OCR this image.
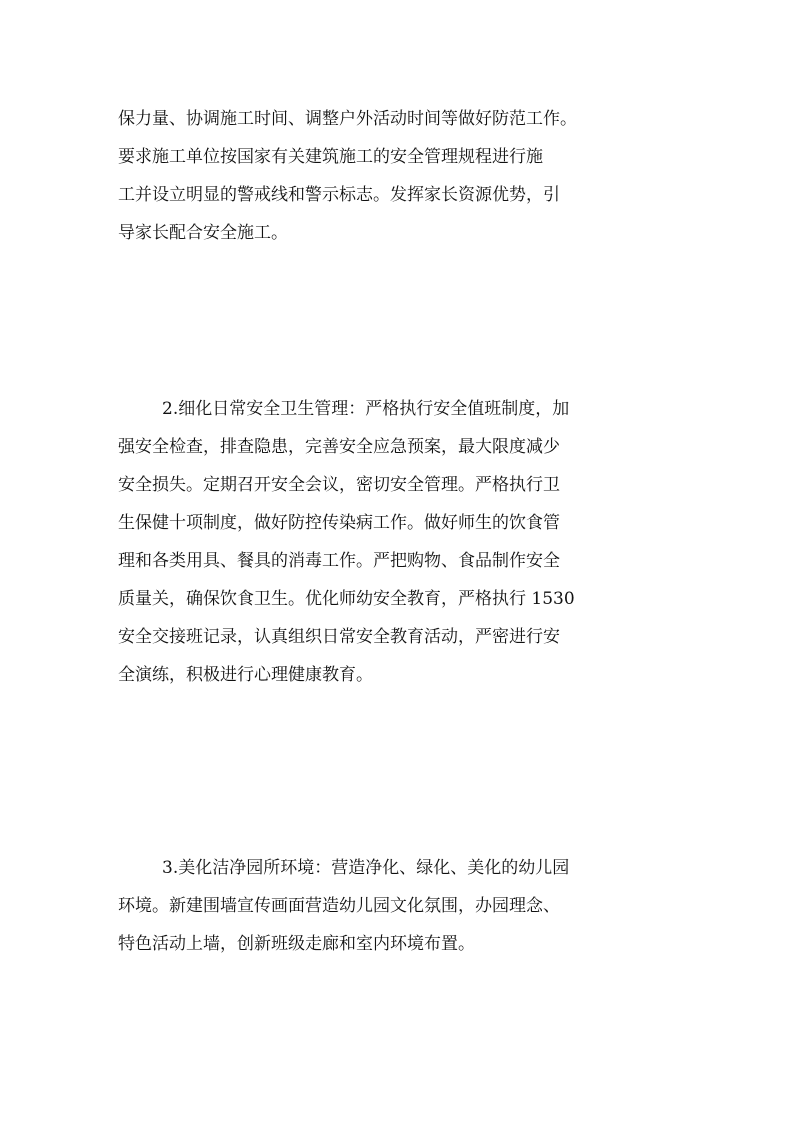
保力量、协调施工时间、调整户外活动时间等做好防范工作。
要求施工单位按国家有关建筑施工的安全管理规程进行施
工并设立明显的警戒线和警示标志。发挥家长资源优势，引
导家长配合安全施工。
2.细化日常安全卫生管理：严格执行安全值班制度，加
强安全检查，排查隐患，完善安全应急预案，最大限度减少
安全损失。定期召开安全会议，密切安全管理。严格执行卫
生保健十项制度，做好防控传染病工作。做好师生的饮食管
理和各类用具、餐具的消毒工作。严把购物、食品制作安全
质量关，确保饮食卫生。优化师幼安全教育，严格执行 1530
安全交接班记录，认真组织日常安全教育活动，严密进行安
全演练，积极进行心理健康教育。
3.美化洁净园所环境：营造净化、绿化、美化的幼儿园
环境。新建围墙宣传画面营造幼儿园文化氛围，办园理念、
特色活动上墙，创新班级走廊和室内环境布置。
